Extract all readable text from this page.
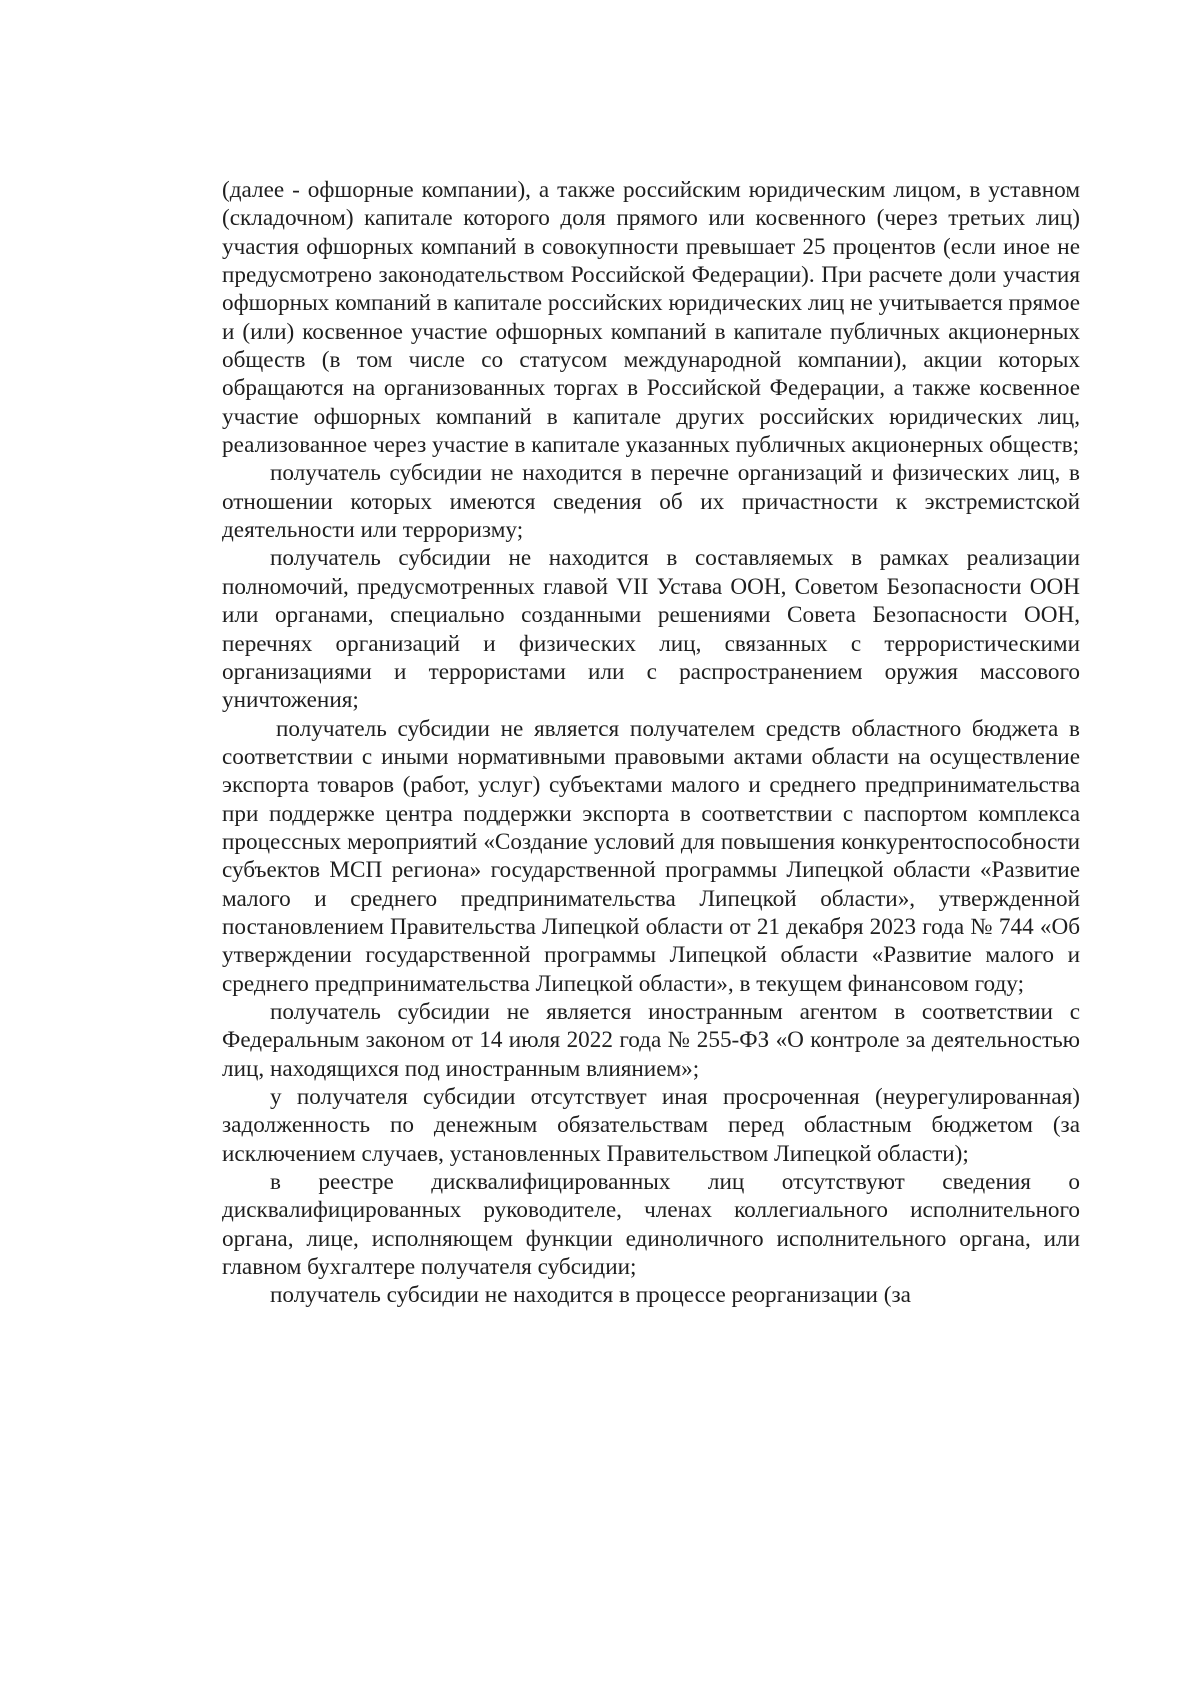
(далее - офшорные компании), а также российским юридическим лицом, в уставном (складочном) капитале которого доля прямого или косвенного (через третьих лиц) участия офшорных компаний в совокупности превышает 25 процентов (если иное не предусмотрено законодательством Российской Федерации). При расчете доли участия офшорных компаний в капитале российских юридических лиц не учитывается прямое и (или) косвенное участие офшорных компаний в капитале публичных акционерных обществ (в том числе со статусом международной компании), акции которых обращаются на организованных торгах в Российской Федерации, а также косвенное участие офшорных компаний в капитале других российских юридических лиц, реализованное через участие в капитале указанных публичных акционерных обществ;

получатель субсидии не находится в перечне организаций и физических лиц, в отношении которых имеются сведения об их причастности к экстремистской деятельности или терроризму;

получатель субсидии не находится в составляемых в рамках реализации полномочий, предусмотренных главой VII Устава ООН, Советом Безопасности ООН или органами, специально созданными решениями Совета Безопасности ООН, перечнях организаций и физических лиц, связанных с террористическими организациями и террористами или с распространением оружия массового уничтожения;

получатель субсидии не является получателем средств областного бюджета в соответствии с иными нормативными правовыми актами области на осуществление экспорта товаров (работ, услуг) субъектами малого и среднего предпринимательства при поддержке центра поддержки экспорта в соответствии с паспортом комплекса процессных мероприятий «Создание условий для повышения конкурентоспособности субъектов МСП региона» государственной программы Липецкой области «Развитие малого и среднего предпринимательства Липецкой области», утвержденной постановлением Правительства Липецкой области от 21 декабря 2023 года № 744 «Об утверждении государственной программы Липецкой области «Развитие малого и среднего предпринимательства Липецкой области», в текущем финансовом году;

получатель субсидии не является иностранным агентом в соответствии с Федеральным законом от 14 июля 2022 года № 255-ФЗ «О контроле за деятельностью лиц, находящихся под иностранным влиянием»;

у получателя субсидии отсутствует иная просроченная (неурегулированная) задолженность по денежным обязательствам перед областным бюджетом (за исключением случаев, установленных Правительством Липецкой области);

в реестре дисквалифицированных лиц отсутствуют сведения о дисквалифицированных руководителе, членах коллегиального исполнительного органа, лице, исполняющем функции единоличного исполнительного органа, или главном бухгалтере получателя субсидии;

получатель субсидии не находится в процессе реорганизации (за
